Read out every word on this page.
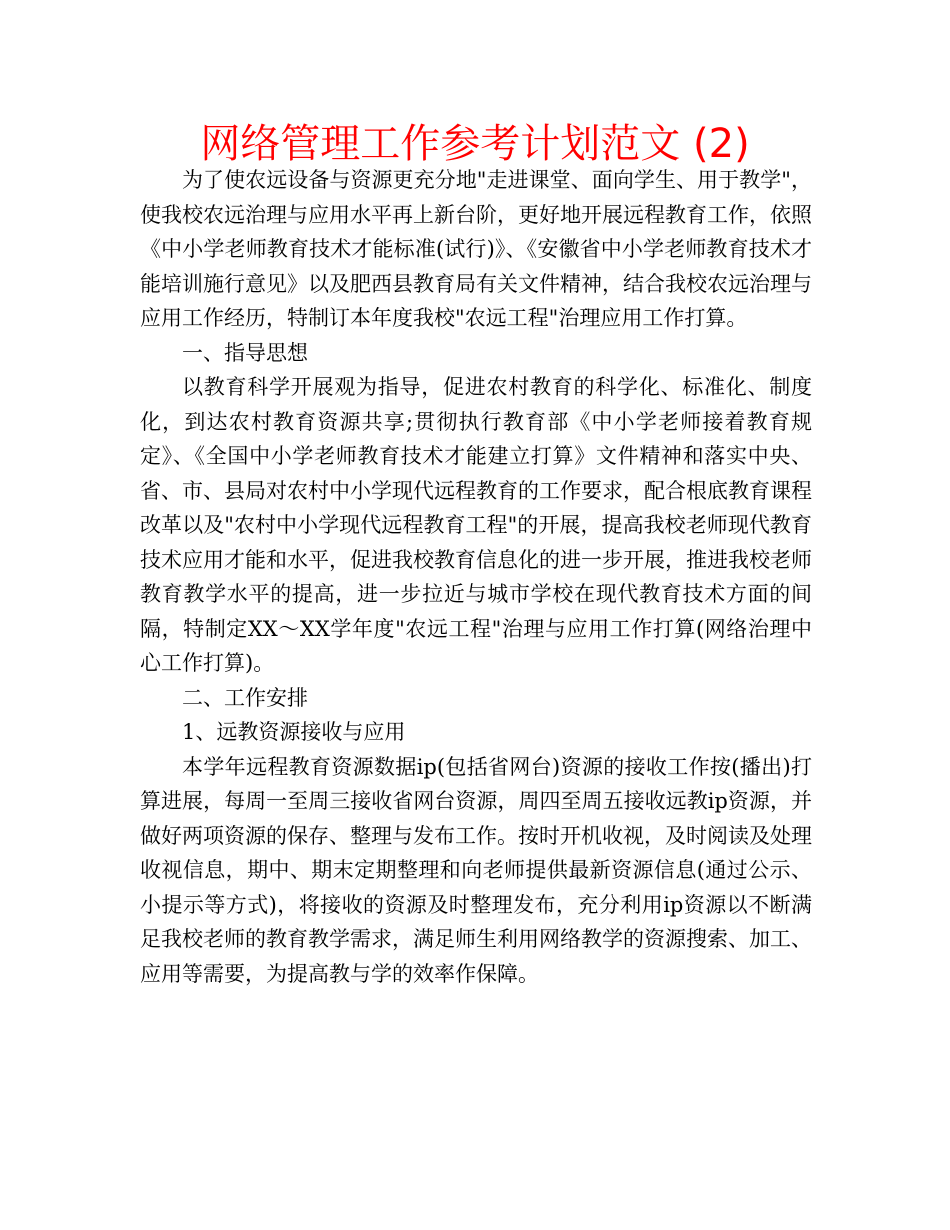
网络管理工作参考计划范文 (2)

为了使农远设备与资源更充分地"走进课堂、面向学生、用于教学"，使我校农远治理与应用水平再上新台阶，更好地开展远程教育工作，依照《中小学老师教育技术才能标准(试行)》、《安徽省中小学老师教育技术才能培训施行意见》以及肥西县教育局有关文件精神，结合我校农远治理与应用工作经历，特制订本年度我校"农远工程"治理应用工作打算。

一、指导思想

以教育科学开展观为指导，促进农村教育的科学化、标准化、制度化，到达农村教育资源共享;贯彻执行教育部《中小学老师接着教育规定》、《全国中小学老师教育技术才能建立打算》文件精神和落实中央、省、市、县局对农村中小学现代远程教育的工作要求，配合根底教育课程改革以及"农村中小学现代远程教育工程"的开展，提高我校老师现代教育技术应用才能和水平，促进我校教育信息化的进一步开展，推进我校老师教育教学水平的提高，进一步拉近与城市学校在现代教育技术方面的间隔，特制定XX～XX学年度"农远工程"治理与应用工作打算(网络治理中心工作打算)。

二、工作安排

1、远教资源接收与应用

本学年远程教育资源数据ip(包括省网台)资源的接收工作按(播出)打算进展，每周一至周三接收省网台资源，周四至周五接收远教ip资源，并做好两项资源的保存、整理与发布工作。按时开机收视，及时阅读及处理收视信息，期中、期末定期整理和向老师提供最新资源信息(通过公示、小提示等方式)，将接收的资源及时整理发布，充分利用ip资源以不断满足我校老师的教育教学需求，满足师生利用网络教学的资源搜索、加工、应用等需要，为提高教与学的效率作保障。
